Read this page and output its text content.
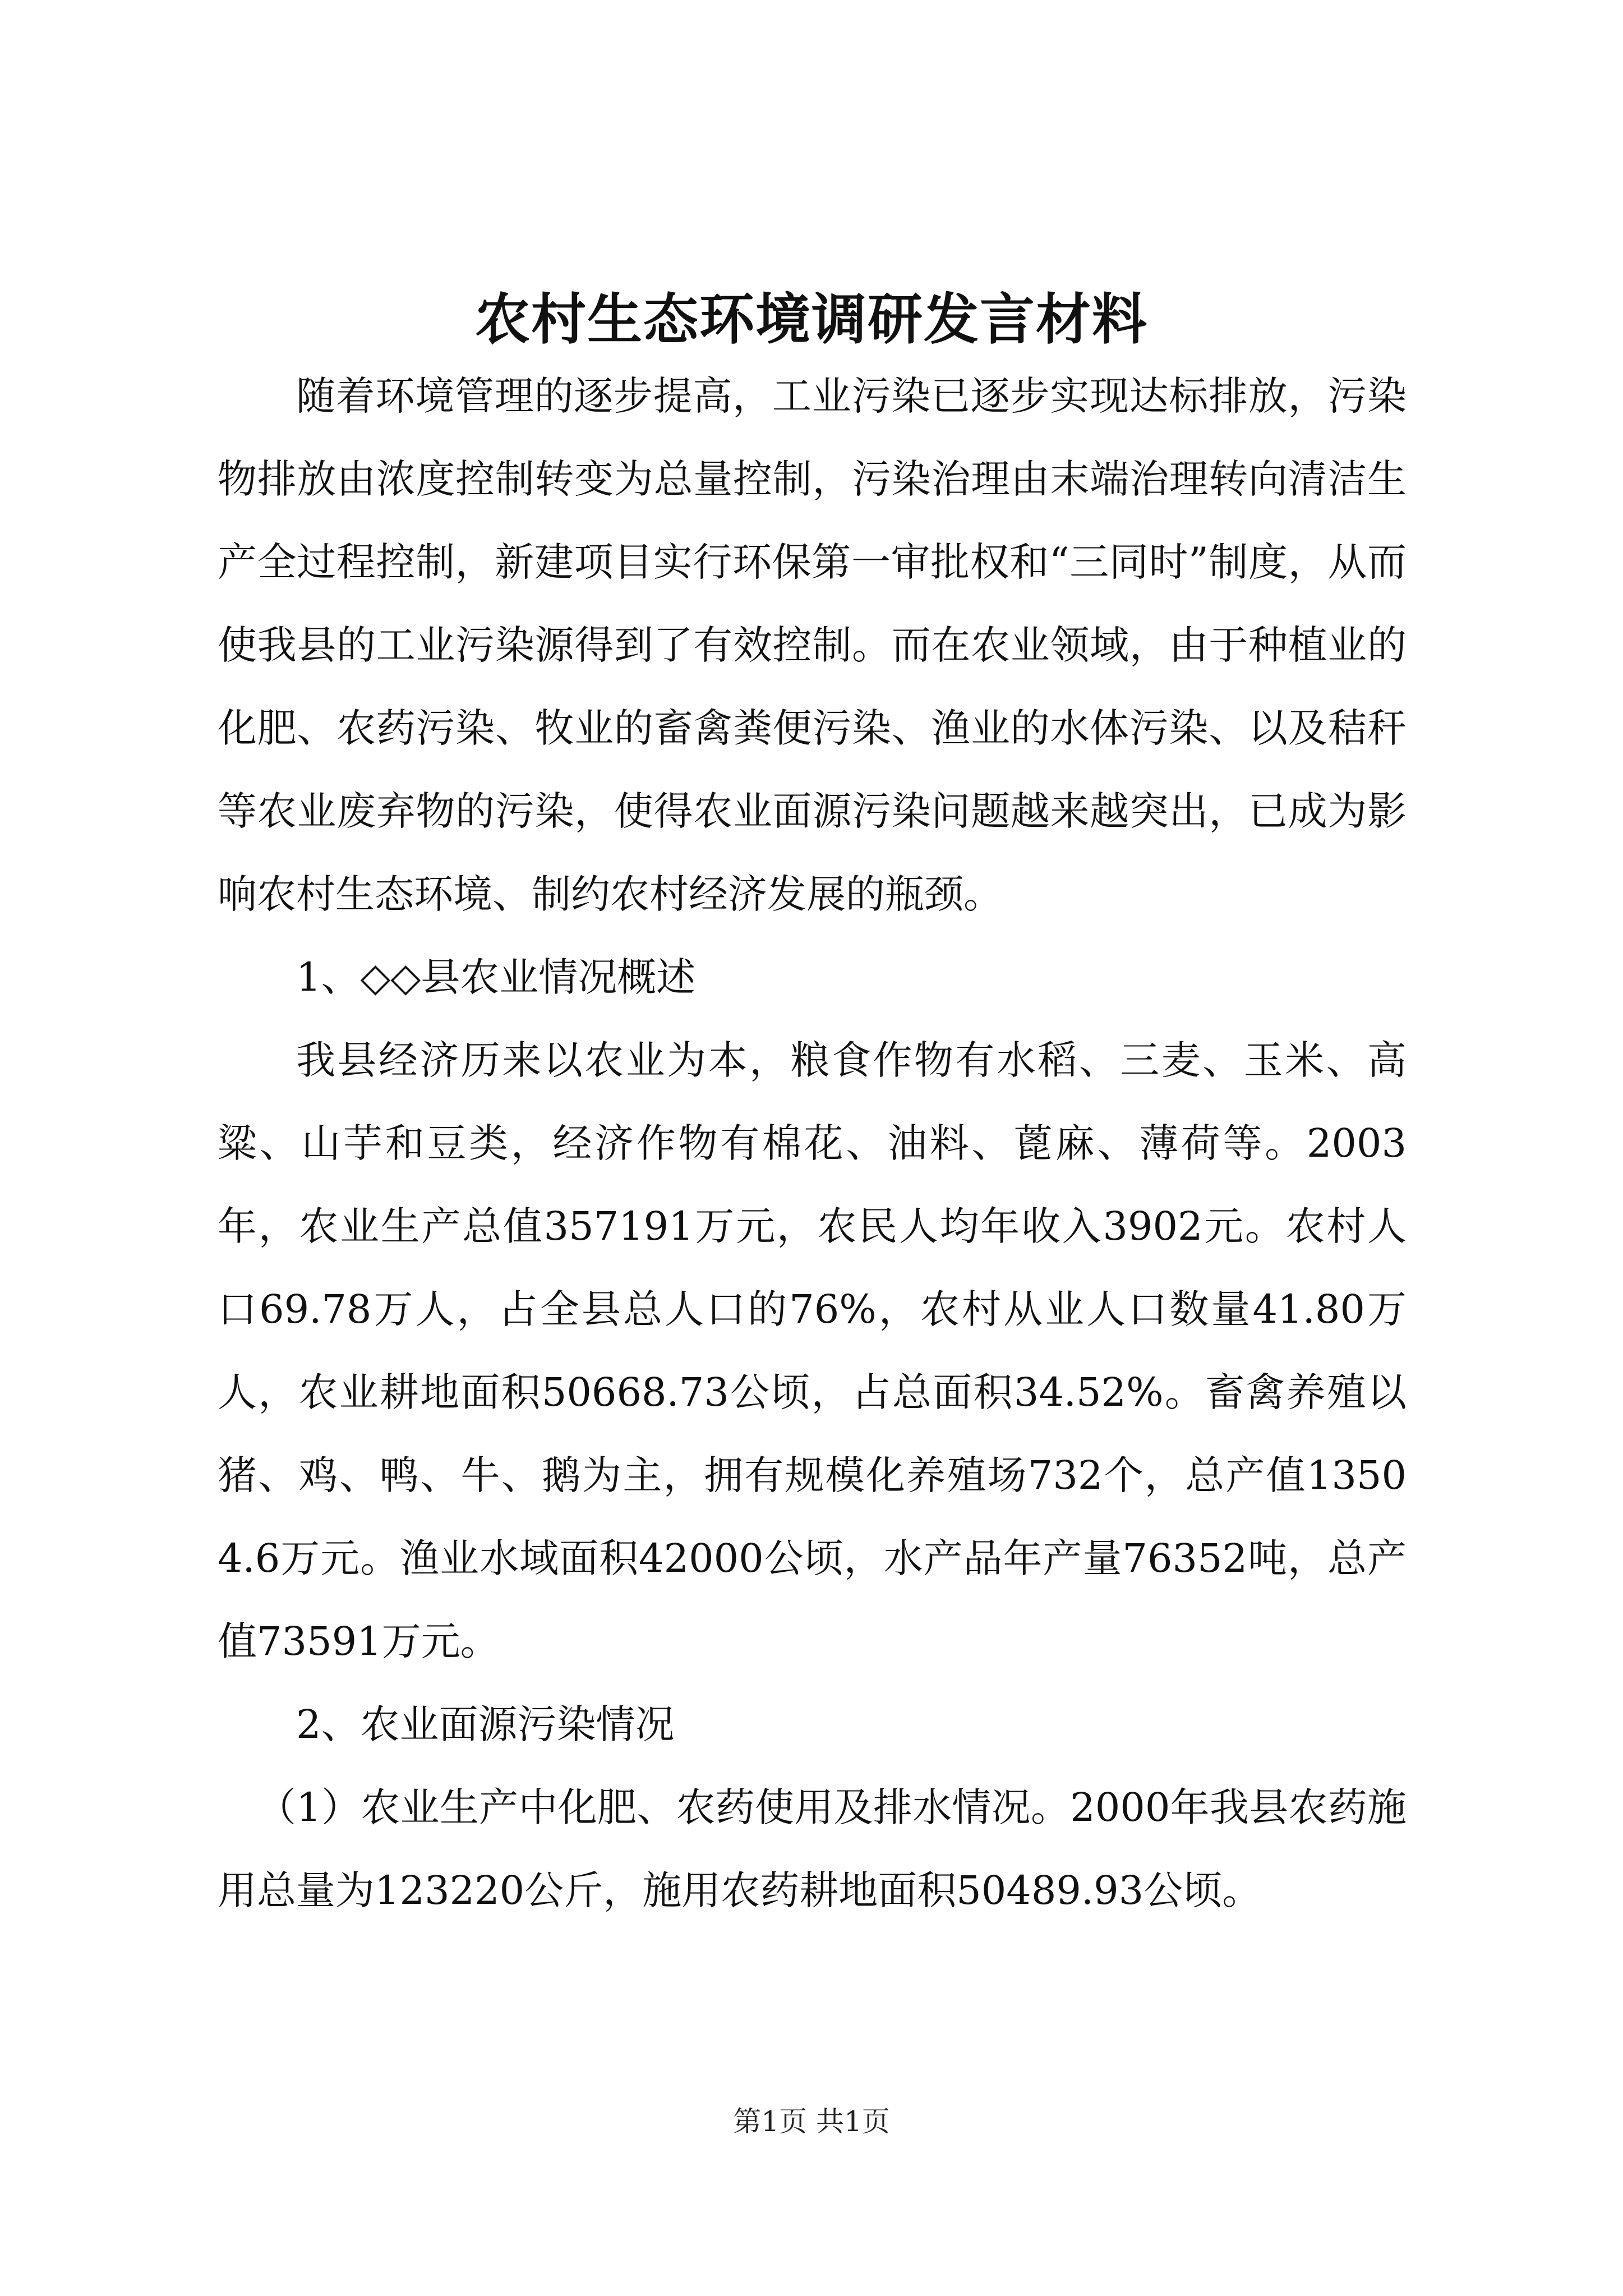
农村生态环境调研发言材料

随着环境管理的逐步提高，工业污染已逐步实现达标排放，污染物排放由浓度控制转变为总量控制，污染治理由末端治理转向清洁生产全过程控制，新建项目实行环保第一审批权和“三同时”制度，从而使我县的工业污染源得到了有效控制。而在农业领域，由于种植业的化肥、农药污染、牧业的畜禽粪便污染、渔业的水体污染、以及秸秆等农业废弃物的污染，使得农业面源污染问题越来越突出，已成为影响农村生态环境、制约农村经济发展的瓶颈。

1、◇◇县农业情况概述

我县经济历来以农业为本，粮食作物有水稻、三麦、玉米、高粱、山芋和豆类，经济作物有棉花、油料、蓖麻、薄荷等。2003年，农业生产总值357191万元，农民人均年收入3902元。农村人口69.78万人，占全县总人口的76%，农村从业人口数量41.80万人，农业耕地面积50668.73公顷，占总面积34.52%。畜禽养殖以猪、鸡、鸭、牛、鹅为主，拥有规模化养殖场732个，总产值13504.6万元。渔业水域面积42000公顷，水产品年产量76352吨，总产值73591万元。

2、农业面源污染情况

（1）农业生产中化肥、农药使用及排水情况。2000年我县农药施用总量为123220公斤，施用农药耕地面积50489.93公顷。

第1页 共1页
